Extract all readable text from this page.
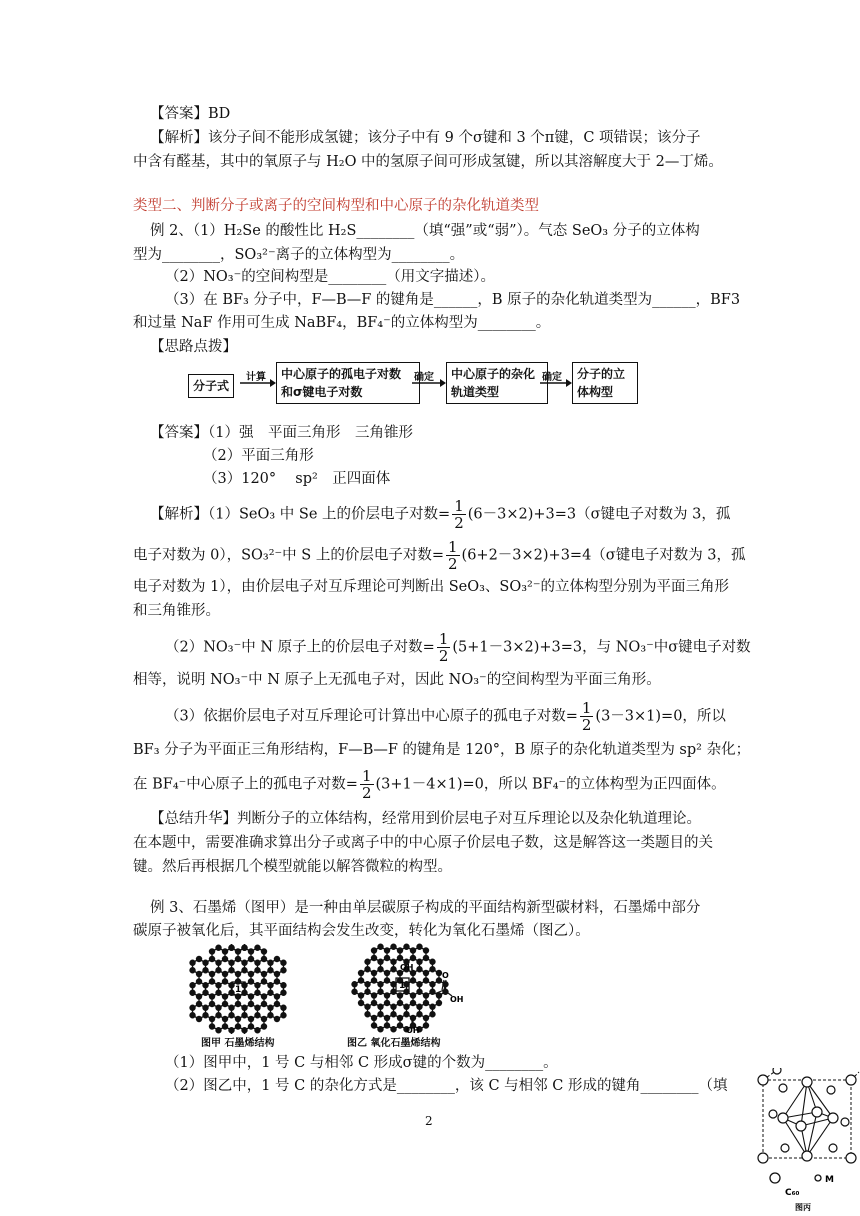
【答案】BD
【解析】该分子间不能形成氢键；该分子中有 9 个σ键和 3 个π键，C 项错误；该分子
中含有醛基，其中的氧原子与 H₂O 中的氢原子间可形成氢键，所以其溶解度大于 2—丁烯。
类型二、判断分子或离子的空间构型和中心原子的杂化轨道类型
例 2、（1）H₂Se 的酸性比 H₂S________（填“强”或“弱”）。气态 SeO₃ 分子的立体构
型为________，SO₃²⁻离子的立体构型为________。
（2）NO₃⁻的空间构型是________（用文字描述）。
（3）在 BF₃ 分子中，F—B—F 的键角是______，B 原子的杂化轨道类型为______，BF3
和过量 NaF 作用可生成 NaBF₄，BF₄⁻的立体构型为________。
【思路点拨】
分子式
计算 中心原子的孤电子对数
和σ键电子对数
确定 中心原子的杂化
轨道类型
确定 分子的立
体构型
【答案】（1）强　平面三角形　三角锥形
（2）平面三角形
（3）120°　 sp²　正四面体
【解析】（1）SeO₃ 中 Se 上的价层电子对数= $\frac{1}{2} (6-3\times 2)+3=3(\sigma$键电子对数为 3，孤
电子对数为 0），SO₃²⁻中 S 上的价层电子对数= $\frac{1}{2} (6+2-3\times 2)+3=4(\sigma$键电子对数为 3，孤
电子对数为 1），由价层电子对互斥理论可判断出 SeO₃、SO₃²⁻的立体构型分别为平面三角形
和三角锥形。
（2）NO₃⁻中 N 原子上的价层电子对数= $\frac{1}{2} (5+1-3\times 2)+3=3$，与 NO₃⁻中σ键电子对数
相等，说明 NO₃⁻中 N 原子上无孤电子对，因此 NO₃⁻的空间构型为平面三角形。
（3）依据价层电子对互斥理论可计算出中心原子的孤电子对数= $\frac{1}{2} (3-3\times 1)=0$，所以
BF₃ 分子为平面正三角形结构，F—B—F 的键角是 120°，B 原子的杂化轨道类型为 sp² 杂化；
在 BF₄⁻中心原子上的孤电子对数= $\frac{1}{2} (3+1-4\times 1)=0$，所以 BF₄⁻的立体构型为正四面体。
【总结升华】判断分子的立体结构，经常用到价层电子对互斥理论以及杂化轨道理论。
在本题中，需要准确求算出分子或离子中的中心原子价层电子数，这是解答这一类题目的关
键。然后再根据几个模型就能以解答微粒的构型。
例 3、石墨烯（图甲）是一种由单层碳原子构成的平面结构新型碳材料，石墨烯中部分
碳原子被氧化后，其平面结构会发生改变，转化为氧化石墨烯（图乙）。
1
图甲 石墨烯结构
1
OH
O
OH
OH
图乙 氧化石墨烯结构
（1）图甲中，1 号 C 与相邻 C 形成σ键的个数为________。
（2）图乙中，1 号 C 的杂化方式是________，该 C 与相邻 C 形成的键角________（填
2
C₆₀
M
图丙
